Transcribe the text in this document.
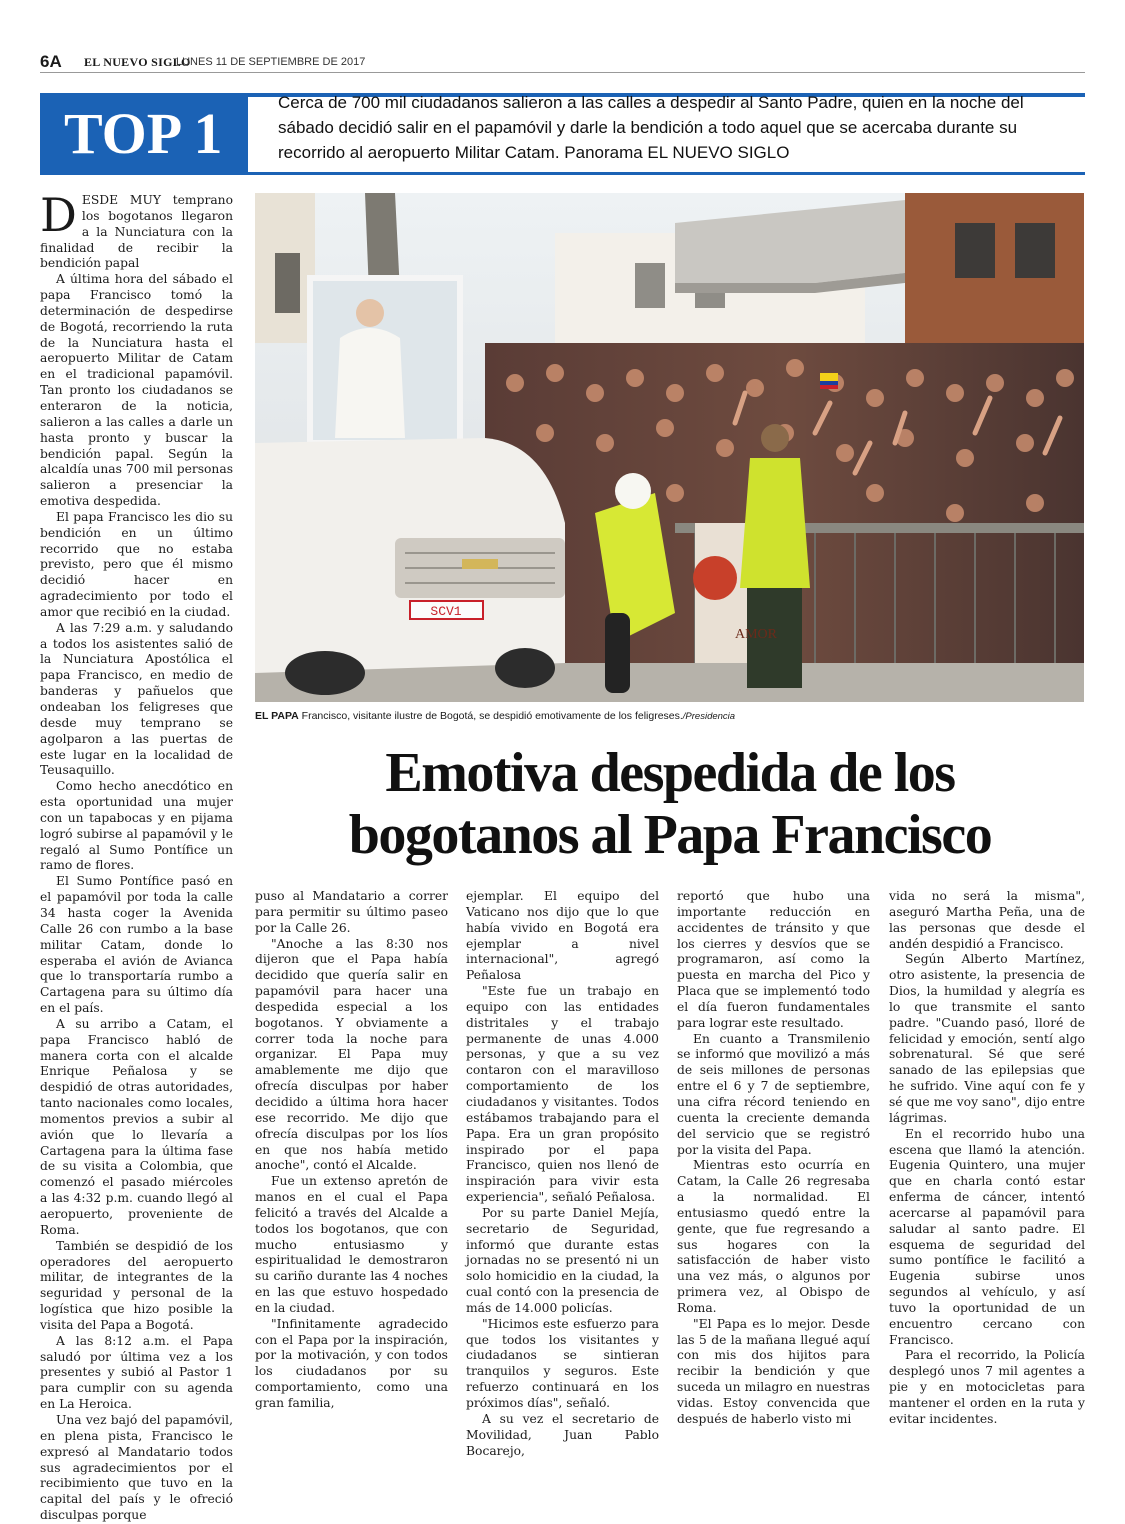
6A EL NUEVO SIGLO
LUNES 11 DE SEPTIEMBRE DE 2017
TOP 1	Cerca de 700 mil ciudadanos salieron a las calles a despedir al Santo Padre, quien en la noche del sábado decidió salir en el papamóvil y darle la bendición a todo aquel que se acercaba durante su recorrido al aeropuerto Militar Catam. Panorama EL NUEVO SIGLO

DESDE MUY temprano los bogotanos llegaron a la Nunciatura con la finalidad de recibir la bendición papal

A última hora del sábado el papa Francisco tomó la determinación de despedirse de Bogotá, recorriendo la ruta de la Nunciatura hasta el aeropuerto Militar de Catam en el tradicional papamóvil. Tan pronto los ciudadanos se enteraron de la noticia, salieron a las calles a darle un hasta pronto y buscar la bendición papal. Según la alcaldía unas 700 mil personas salieron a presenciar la emotiva despedida.

El papa Francisco les dio su bendición en un último recorrido que no estaba previsto, pero que él mismo decidió hacer en agradecimiento por todo el amor que recibió en la ciudad.

A las 7:29 a.m. y saludando a todos los asistentes salió de la Nunciatura Apostólica el papa Francisco, en medio de banderas y pañuelos que ondeaban los feligreses que desde muy temprano se agolparon a las puertas de este lugar en la localidad de Teusaquillo.

Como hecho anecdótico en esta oportunidad una mujer con un tapabocas y en pijama logró subirse al papamóvil y le regaló al Sumo Pontífice un ramo de flores.

El Sumo Pontífice pasó en el papamóvil por toda la calle 34 hasta coger la Avenida Calle 26 con rumbo a la base militar Catam, donde lo esperaba el avión de Avianca que lo transportaría rumbo a Cartagena para su último día en el país.

A su arribo a Catam, el papa Francisco habló de manera corta con el alcalde Enrique Peñalosa y se despidió de otras autoridades, tanto nacionales como locales, momentos previos a subir al avión que lo llevaría a Cartagena para la última fase de su visita a Colombia, que comenzó el pasado miércoles a las 4:32 p.m. cuando llegó al aeropuerto, proveniente de Roma.

También se despidió de los operadores del aeropuerto militar, de integrantes de la seguridad y personal de la logística que hizo posible la visita del Papa a Bogotá.

A las 8:12 a.m. el Papa saludó por última vez a los presentes y subió al Pastor 1 para cumplir con su agenda en La Heroica.

Una vez bajó del papamóvil, en plena pista, Francisco le expresó al Mandatario todos sus agradecimientos por el recibimiento que tuvo en la capital del país y le ofreció disculpas porque

SCV1
AMOR
EL PAPA Francisco, visitante ilustre de Bogotá, se despidió emotivamente de los feligreses./Presidencia
Emotiva despedida de los bogotanos al Papa Francisco

puso al Mandatario a correr para permitir su último paseo por la Calle 26.

"Anoche a las 8:30 nos dijeron que el Papa había decidido que quería salir en papamóvil para hacer una despedida especial a los bogotanos. Y obviamente a correr toda la noche para organizar. El Papa muy amablemente me dijo que ofrecía disculpas por haber decidido a última hora hacer ese recorrido. Me dijo que ofrecía disculpas por los líos en que nos había metido anoche", contó el Alcalde.

Fue un extenso apretón de manos en el cual el Papa felicitó a través del Alcalde a todos los bogotanos, que con mucho entusiasmo y espiritualidad le demostraron su cariño durante las 4 noches en las que estuvo hospedado en la ciudad.

"Infinitamente agradecido con el Papa por la inspiración, por la motivación, y con todos los ciudadanos por su comportamiento, como una gran familia,

ejemplar. El equipo del Vaticano nos dijo que lo que había vivido en Bogotá era ejemplar a nivel internacional", agregó Peñalosa

"Este fue un trabajo en equipo con las entidades distritales y el trabajo permanente de unas 4.000 personas, y que a su vez contaron con el maravilloso comportamiento de los ciudadanos y visitantes. Todos estábamos trabajando para el Papa. Era un gran propósito inspirado por el papa Francisco, quien nos llenó de inspiración para vivir esta experiencia", señaló Peñalosa.

Por su parte Daniel Mejía, secretario de Seguridad, informó que durante estas jornadas no se presentó ni un solo homicidio en la ciudad, la cual contó con la presencia de más de 14.000 policías.

"Hicimos este esfuerzo para que todos los visitantes y ciudadanos se sintieran tranquilos y seguros. Este refuerzo continuará en los próximos días", señaló.

A su vez el secretario de Movilidad, Juan Pablo Bocarejo,

reportó que hubo una importante reducción en accidentes de tránsito y que los cierres y desvíos que se programaron, así como la puesta en marcha del Pico y Placa que se implementó todo el día fueron fundamentales para lograr este resultado.

En cuanto a Transmilenio se informó que movilizó a más de seis millones de personas entre el 6 y 7 de septiembre, una cifra récord teniendo en cuenta la creciente demanda del servicio que se registró por la visita del Papa.

Mientras esto ocurría en Catam, la Calle 26 regresaba a la normalidad. El entusiasmo quedó entre la gente, que fue regresando a sus hogares con la satisfacción de haber visto una vez más, o algunos por primera vez, al Obispo de Roma.

"El Papa es lo mejor. Desde las 5 de la mañana llegué aquí con mis dos hijitos para recibir la bendición y que suceda un milagro en nuestras vidas. Estoy convencida que después de haberlo visto mi

vida no será la misma", aseguró Martha Peña, una de las personas que desde el andén despidió a Francisco.

Según Alberto Martínez, otro asistente, la presencia de Dios, la humildad y alegría es lo que transmite el santo padre. "Cuando pasó, lloré de felicidad y emoción, sentí algo sobrenatural. Sé que seré sanado de las epilepsias que he sufrido. Vine aquí con fe y sé que me voy sano", dijo entre lágrimas.

En el recorrido hubo una escena que llamó la atención. Eugenia Quintero, una mujer que en charla contó estar enferma de cáncer, intentó acercarse al papamóvil para saludar al santo padre. El esquema de seguridad del sumo pontífice le facilitó a Eugenia subirse unos segundos al vehículo, y así tuvo la oportunidad de un encuentro cercano con Francisco.

Para el recorrido, la Policía desplegó unos 7 mil agentes a pie y en motocicletas para mantener el orden en la ruta y evitar incidentes.
